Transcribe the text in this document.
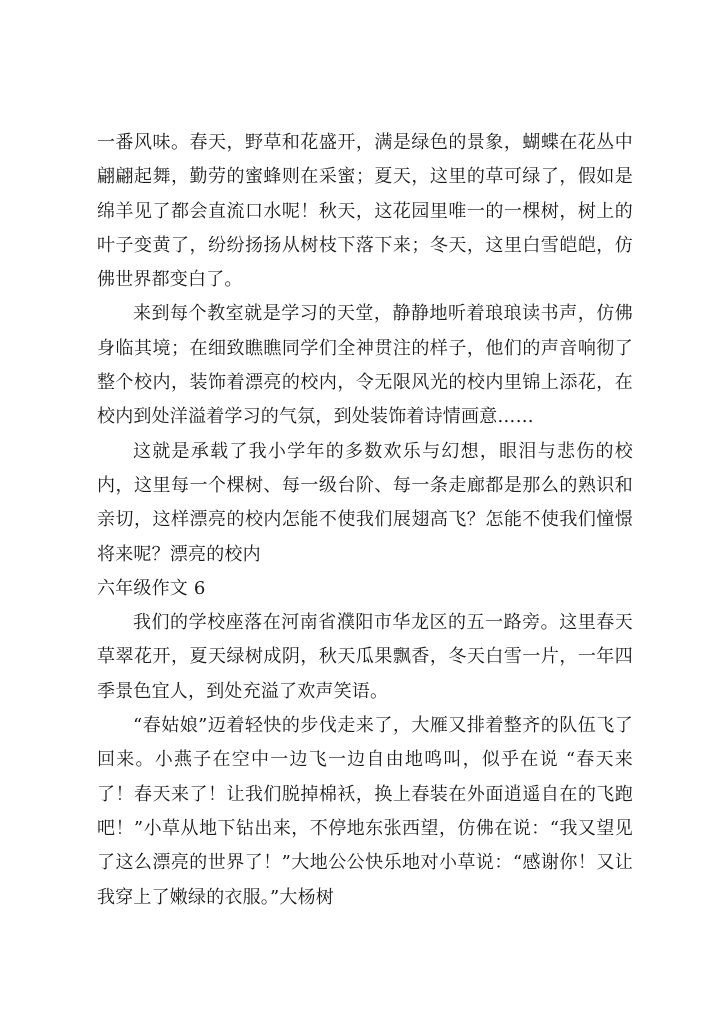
一番风味。春天，野草和花盛开，满是绿色的景象，蝴蝶在花丛中翩翩起舞，勤劳的蜜蜂则在采蜜；夏天，这里的草可绿了，假如是绵羊见了都会直流口水呢！秋天，这花园里唯一的一棵树，树上的叶子变黄了，纷纷扬扬从树枝下落下来；冬天，这里白雪皑皑，仿佛世界都变白了。

来到每个教室就是学习的天堂，静静地听着琅琅读书声，仿佛身临其境；在细致瞧瞧同学们全神贯注的样子，他们的声音响彻了整个校内，装饰着漂亮的校内，令无限风光的校内里锦上添花，在校内到处洋溢着学习的气氛，到处装饰着诗情画意……

这就是承载了我小学年的多数欢乐与幻想，眼泪与悲伤的校内，这里每一个棵树、每一级台阶、每一条走廊都是那么的熟识和亲切，这样漂亮的校内怎能不使我们展翅高飞？怎能不使我们憧憬将来呢？漂亮的校内

六年级作文 6

我们的学校座落在河南省濮阳市华龙区的五一路旁。这里春天草翠花开，夏天绿树成阴，秋天瓜果飘香，冬天白雪一片，一年四季景色宜人，到处充溢了欢声笑语。

“春姑娘”迈着轻快的步伐走来了，大雁又排着整齐的队伍飞了回来。小燕子在空中一边飞一边自由地鸣叫，似乎在说 “春天来了！春天来了！让我们脱掉棉袄，换上春装在外面逍遥自在的飞跑吧！”小草从地下钻出来，不停地东张西望，仿佛在说：“我又望见了这么漂亮的世界了！”大地公公快乐地对小草说：“感谢你！又让我穿上了嫩绿的衣服。”大杨树
